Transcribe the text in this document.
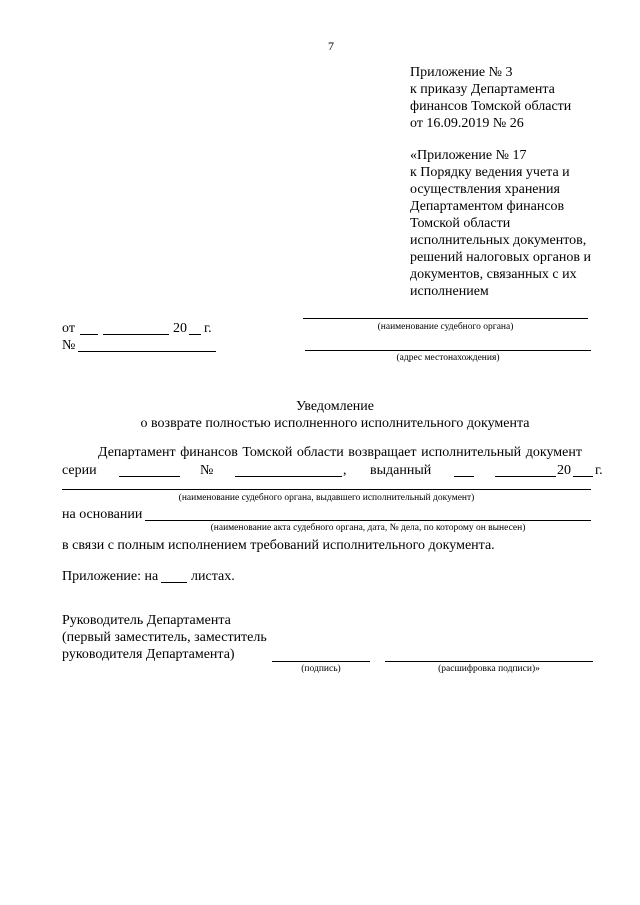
7
Приложение № 3
к приказу Департамента
финансов Томской области
от 16.09.2019 № 26
«Приложение № 17
к Порядку ведения учета и
осуществления хранения
Департаментом финансов
Томской области
исполнительных документов,
решений налоговых органов и
документов, связанных с их
исполнением
от	20 г.
№
(наименование судебного органа)
(адрес местонахождения)
Уведомление
о возврате полностью исполненного исполнительного документа
Департамент финансов Томской области возвращает исполнительный документ
серии	№	, выданный	20 г.
(наименование судебного органа, выдавшего исполнительный документ)
на основании
(наименование акта судебного органа, дата, № дела, по которому он вынесен)
в связи с полным исполнением требований исполнительного документа.
Приложение: на листах.
Руководитель Департамента
(первый заместитель, заместитель
руководителя Департамента)
(подпись)	(расшифровка подписи)»
